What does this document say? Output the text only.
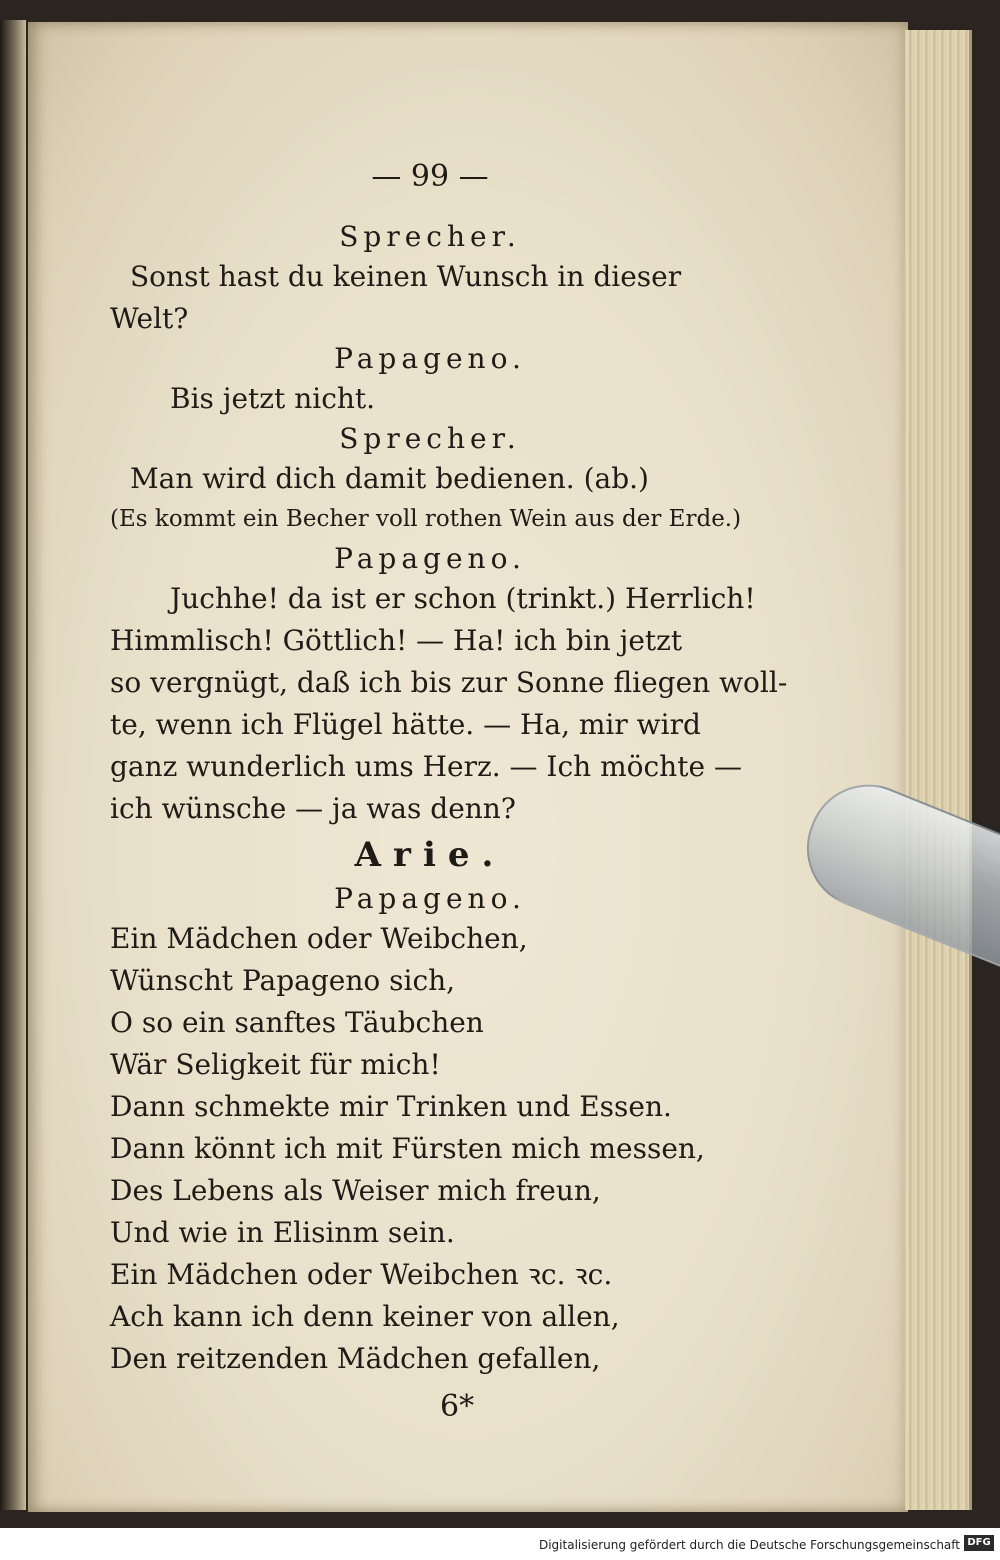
— 99 —
Sprecher.
Sonst hast du keinen Wunsch in dieser
Welt?
Papageno.
Bis jetzt nicht.
Sprecher.
Man wird dich damit bedienen. (ab.)
(Es kommt ein Becher voll rothen Wein aus der Erde.)
Papageno.
Juchhe! da ist er schon (trinkt.) Herrlich!
Himmlisch! Göttlich! — Ha! ich bin jetzt
so vergnügt, daß ich bis zur Sonne fliegen woll-
te, wenn ich Flügel hätte. — Ha, mir wird
ganz wunderlich ums Herz. — Ich möchte —
ich wünsche — ja was denn?
Arie.
Papageno.
Ein Mädchen oder Weibchen,
Wünscht Papageno sich,
O so ein sanftes Täubchen
Wär Seligkeit für mich!
Dann schmekte mir Trinken und Essen.
Dann könnt ich mit Fürsten mich messen,
Des Lebens als Weiser mich freun,
Und wie in Elisinm sein.
Ein Mädchen oder Weibchen ꝛc. ꝛc.
Ach kann ich denn keiner von allen,
Den reitzenden Mädchen gefallen,
6*
Digitalisierung gefördert durch die Deutsche Forschungsgemeinschaft DFG
